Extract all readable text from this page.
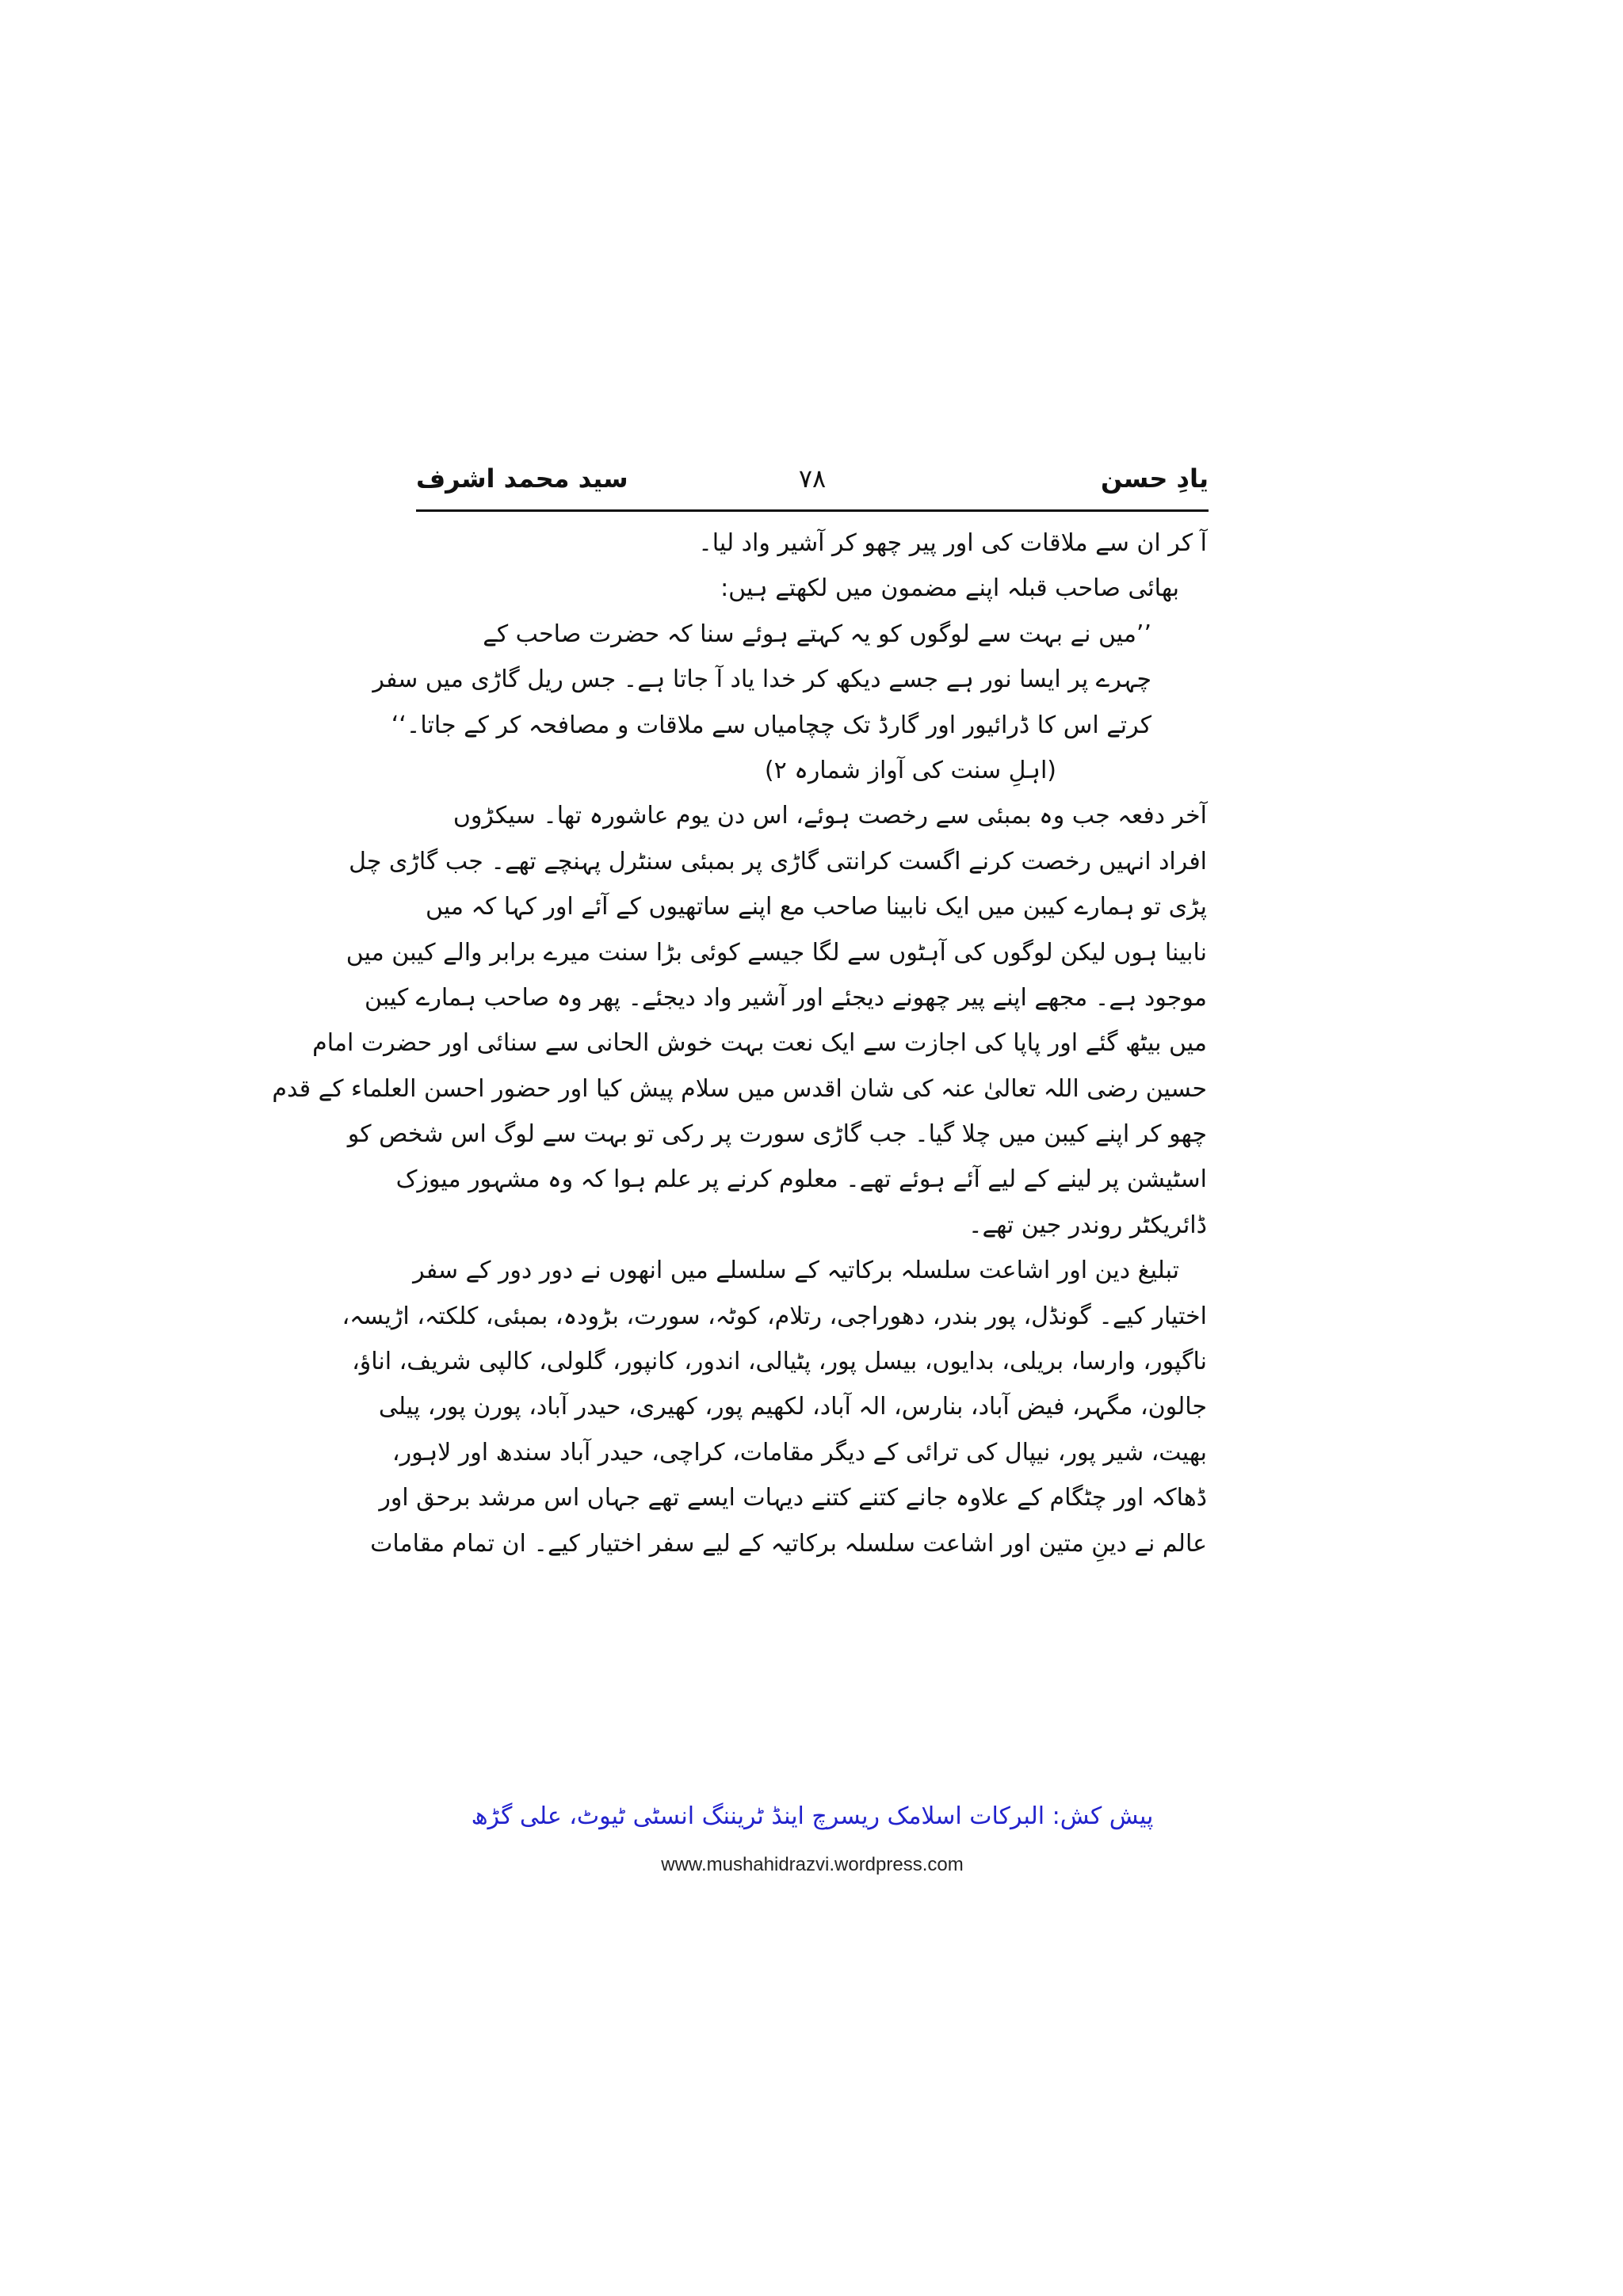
یادِ حسن
۷۸
سید محمد اشرف
آ کر ان سے ملاقات کی اور پیر چھو کر آشیر واد لیا۔
بھائی صاحب قبلہ اپنے مضمون میں لکھتے ہیں:
’’میں نے بہت سے لوگوں کو یہ کہتے ہوئے سنا کہ حضرت صاحب کے
چہرے پر ایسا نور ہے جسے دیکھ کر خدا یاد آ جاتا ہے۔ جس ریل گاڑی میں سفر
کرتے اس کا ڈرائیور اور گارڈ تک چچامیاں سے ملاقات و مصافحہ کر کے جاتا۔‘‘
(اہلِ سنت کی آواز شمارہ ۲)
آخر دفعہ جب وہ بمبئی سے رخصت ہوئے، اس دن یوم عاشورہ تھا۔ سیکڑوں
افراد انہیں رخصت کرنے اگست کرانتی گاڑی پر بمبئی سنٹرل پہنچے تھے۔ جب گاڑی چل
پڑی تو ہمارے کیبن میں ایک نابینا صاحب مع اپنے ساتھیوں کے آئے اور کہا کہ میں
نابینا ہوں لیکن لوگوں کی آہٹوں سے لگا جیسے کوئی بڑا سنت میرے برابر والے کیبن میں
موجود ہے۔ مجھے اپنے پیر چھونے دیجئے اور آشیر واد دیجئے۔ پھر وہ صاحب ہمارے کیبن
میں بیٹھ گئے اور پاپا کی اجازت سے ایک نعت بہت خوش الحانی سے سنائی اور حضرت امام
حسین رضی اللہ تعالیٰ عنہ کی شان اقدس میں سلام پیش کیا اور حضور احسن العلماء کے قدم
چھو کر اپنے کیبن میں چلا گیا۔ جب گاڑی سورت پر رکی تو بہت سے لوگ اس شخص کو
اسٹیشن پر لینے کے لیے آئے ہوئے تھے۔ معلوم کرنے پر علم ہوا کہ وہ مشہور میوزک
ڈائریکٹر روندر جین تھے۔
تبلیغ دین اور اشاعت سلسلہ برکاتیہ کے سلسلے میں انھوں نے دور دور کے سفر
اختیار کیے۔ گونڈل، پور بندر، دھوراجی، رتلام، کوٹہ، سورت، بڑودہ، بمبئی، کلکتہ، اڑیسہ،
ناگپور، وارسا، بریلی، بدایوں، بیسل پور، پٹیالی، اندور، کانپور، گلولی، کالپی شریف، اناؤ،
جالون، مگہر، فیض آباد، بنارس، الہ آباد، لکھیم پور، کھیری، حیدر آباد، پورن پور، پیلی
بھیت، شیر پور، نیپال کی ترائی کے دیگر مقامات، کراچی، حیدر آباد سندھ اور لاہور،
ڈھاکہ اور چٹگام کے علاوہ جانے کتنے کتنے دیہات ایسے تھے جہاں اس مرشد برحق اور
عالم نے دینِ متین اور اشاعت سلسلہ برکاتیہ کے لیے سفر اختیار کیے۔ ان تمام مقامات
پیش کش: البرکات اسلامک ریسرچ اینڈ ٹریننگ انسٹی ٹیوٹ، علی گڑھ
www.mushahidrazvi.wordpress.com
